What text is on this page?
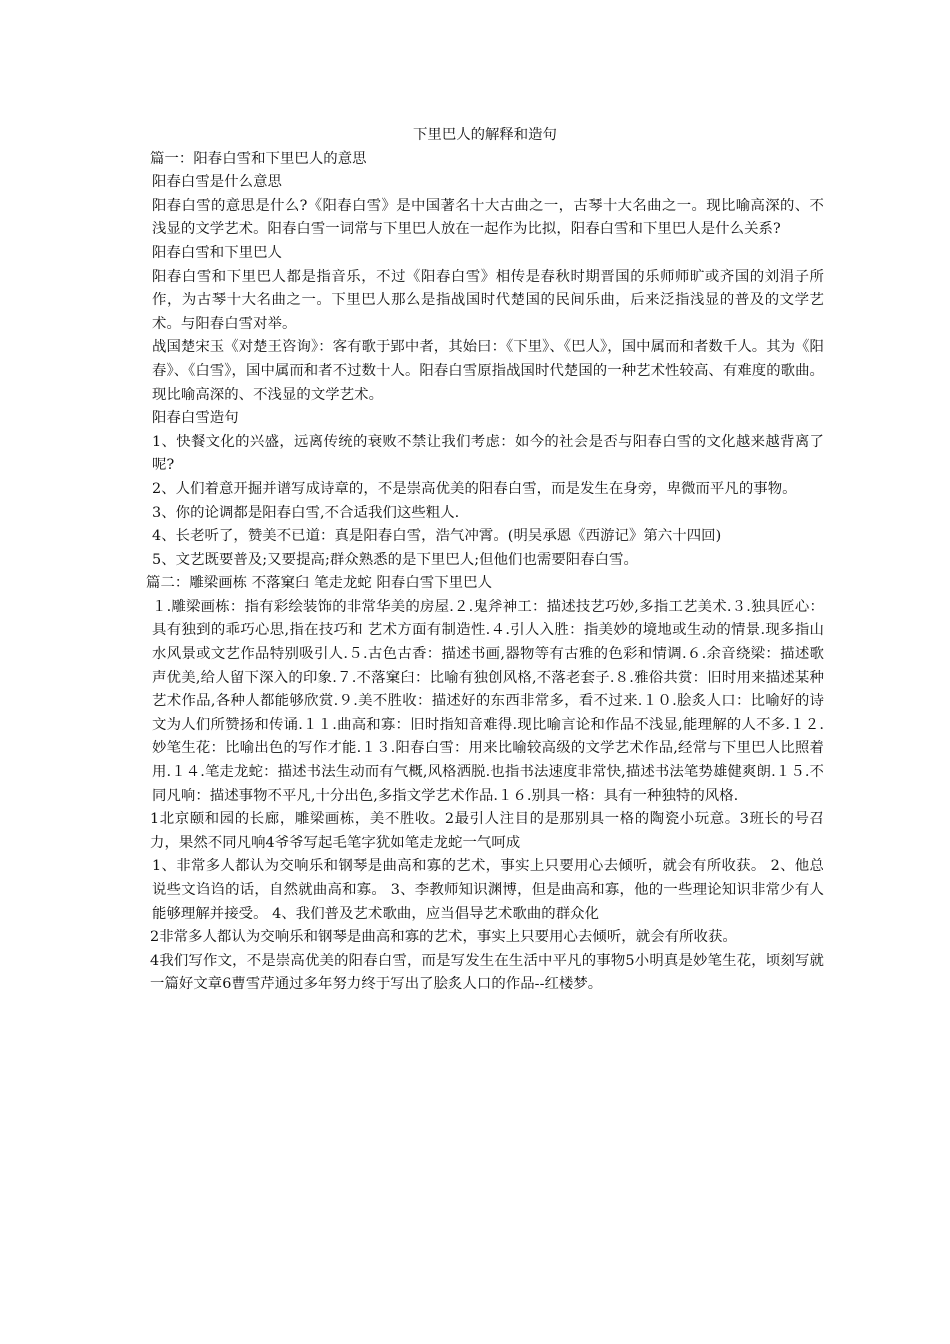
下里巴人的解释和造句

篇一：阳春白雪和下里巴人的意思

阳春白雪是什么意思

阳春白雪的意思是什么?《阳春白雪》是中国著名十大古曲之一，古琴十大名曲之一。现比喻高深的、不浅显的文学艺术。阳春白雪一词常与下里巴人放在一起作为比拟，阳春白雪和下里巴人是什么关系?

阳春白雪和下里巴人

阳春白雪和下里巴人都是指音乐，不过《阳春白雪》相传是春秋时期晋国的乐师师旷或齐国的刘涓子所作，为古琴十大名曲之一。下里巴人那么是指战国时代楚国的民间乐曲，后来泛指浅显的普及的文学艺术。与阳春白雪对举。

战国楚宋玉《对楚王咨询》：客有歌于郢中者，其始曰：《下里》、《巴人》，国中属而和者数千人。其为《阳春》、《白雪》，国中属而和者不过数十人。阳春白雪原指战国时代楚国的一种艺术性较高、有难度的歌曲。现比喻高深的、不浅显的文学艺术。

阳春白雪造句

1、快餐文化的兴盛，远离传统的衰败不禁让我们考虑：如今的社会是否与阳春白雪的文化越来越背离了呢?

2、人们着意开掘并谱写成诗章的，不是崇高优美的阳春白雪，而是发生在身旁，卑微而平凡的事物。

3、你的论调都是阳春白雪,不合适我们这些粗人.

4、长老听了，赞美不已道：真是阳春白雪，浩气冲霄。(明吴承恩《西游记》第六十四回)

5、文艺既要普及;又要提高;群众熟悉的是下里巴人;但他们也需要阳春白雪。

篇二：雕梁画栋 不落窠臼 笔走龙蛇 阳春白雪下里巴人

１.雕梁画栋：指有彩绘装饰的非常华美的房屋.２.鬼斧神工：描述技艺巧妙,多指工艺美术.３.独具匠心：具有独到的乖巧心思,指在技巧和 艺术方面有制造性.４.引人入胜：指美妙的境地或生动的情景.现多指山水风景或文艺作品特别吸引人.５.古色古香：描述书画,器物等有古雅的色彩和情调.６.余音绕梁：描述歌声优美,给人留下深入的印象.７.不落窠臼：比喻有独创风格,不落老套子.８.雅俗共赏：旧时用来描述某种艺术作品,各种人都能够欣赏.９.美不胜收：描述好的东西非常多，看不过来.１０.脍炙人口：比喻好的诗文为人们所赞扬和传诵.１１.曲高和寡：旧时指知音难得.现比喻言论和作品不浅显,能理解的人不多.１２.妙笔生花：比喻出色的写作才能.１３.阳春白雪：用来比喻较高级的文学艺术作品,经常与下里巴人比照着用.１４.笔走龙蛇：描述书法生动而有气概,风格洒脱.也指书法速度非常快,描述书法笔势雄健爽朗.１５.不同凡响：描述事物不平凡,十分出色,多指文学艺术作品.１６.别具一格：具有一种独特的风格.

1北京颐和园的长廊，雕梁画栋，美不胜收。2最引人注目的是那别具一格的陶瓷小玩意。3班长的号召力，果然不同凡响4爷爷写起毛笔字犹如笔走龙蛇一气呵成

1、非常多人都认为交响乐和钢琴是曲高和寡的艺术，事实上只要用心去倾听，就会有所收获。 2、他总说些文诌诌的话，自然就曲高和寡。 3、李教师知识渊博，但是曲高和寡，他的一些理论知识非常少有人能够理解并接受。 4、我们普及艺术歌曲，应当倡导艺术歌曲的群众化

2非常多人都认为交响乐和钢琴是曲高和寡的艺术，事实上只要用心去倾听，就会有所收获。

4我们写作文，不是崇高优美的阳春白雪，而是写发生在生活中平凡的事物5小明真是妙笔生花，顷刻写就一篇好文章6曹雪芹通过多年努力终于写出了脍炙人口的作品--红楼梦。
